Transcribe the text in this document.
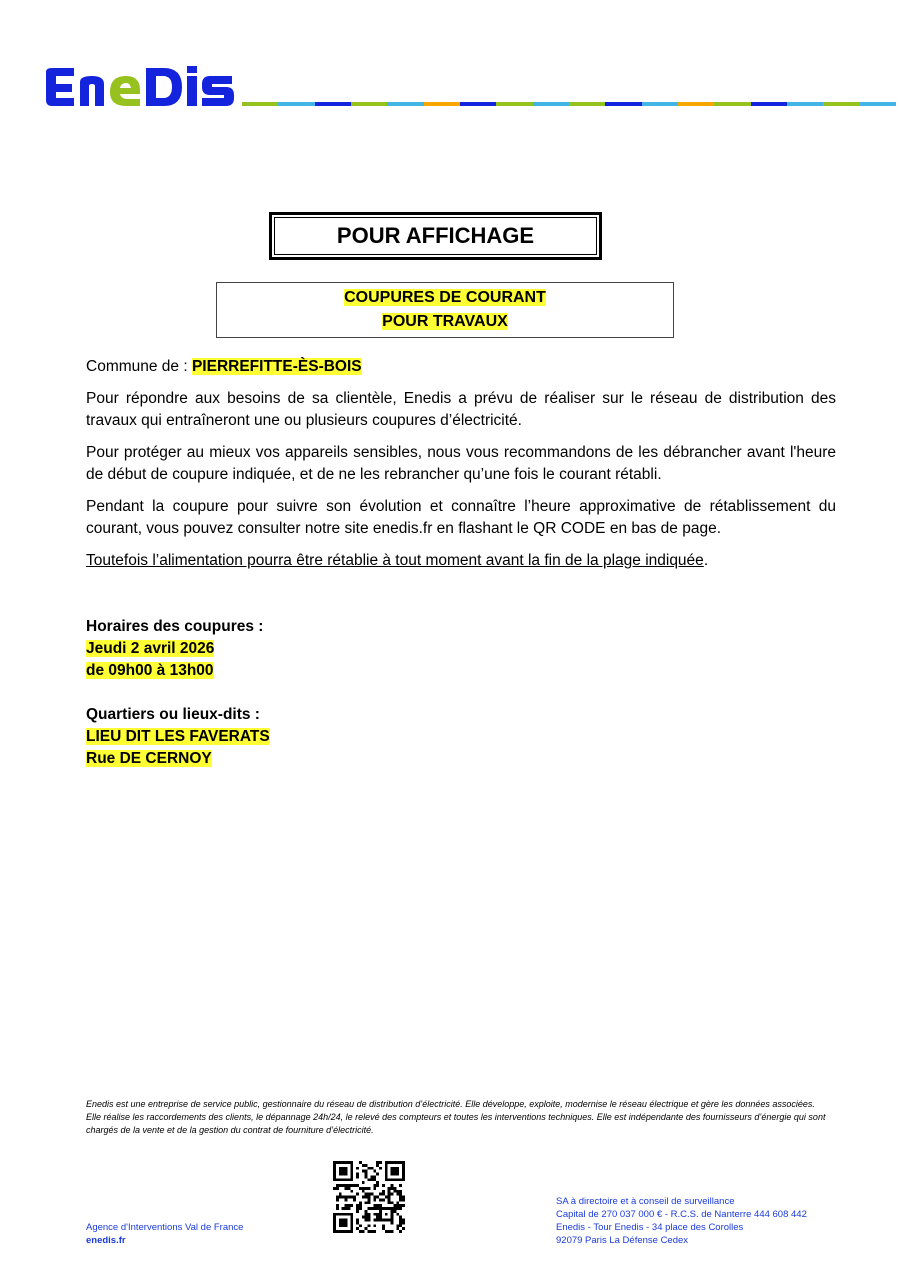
POUR AFFICHAGE
COUPURES DE COURANT
POUR TRAVAUX

Commune de : PIERREFITTE-ÈS-BOIS

Pour répondre aux besoins de sa clientèle, Enedis a prévu de réaliser sur le réseau de distribution des travaux qui entraîneront une ou plusieurs coupures d’électricité.

Pour protéger au mieux vos appareils sensibles, nous vous recommandons de les débrancher avant l'heure de début de coupure indiquée, et de ne les rebrancher qu’une fois le courant rétabli.

Pendant la coupure pour suivre son évolution et connaître l’heure approximative de rétablissement du courant, vous pouvez consulter notre site enedis.fr en flashant le QR CODE en bas de page.

Toutefois l’alimentation pourra être rétablie à tout moment avant la fin de la plage indiquée.

Horaires des coupures :
Jeudi 2 avril 2026
de 09h00 à 13h00
Quartiers ou lieux-dits :
LIEU DIT LES FAVERATS
Rue DE CERNOY
Enedis est une entreprise de service public, gestionnaire du réseau de distribution d’électricité. Elle développe, exploite, modernise le réseau électrique et gère les données associées. Elle réalise les raccordements des clients, le dépannage 24h/24, le relevé des compteurs et toutes les interventions techniques. Elle est indépendante des fournisseurs d’énergie qui sont chargés de la vente et de la gestion du contrat de fourniture d’électricité.
Agence d'Interventions Val de France
enedis.fr
SA à directoire et à conseil de surveillance
Capital de 270 037 000 € - R.C.S. de Nanterre 444 608 442
Enedis - Tour Enedis - 34 place des Corolles
92079 Paris La Défense Cedex
